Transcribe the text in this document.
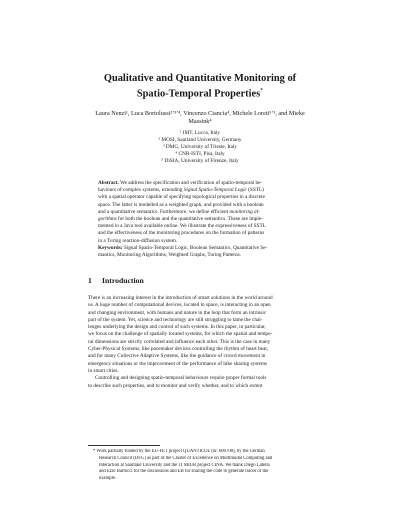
Qualitative and Quantitative Monitoring of
Spatio-Temporal Properties*
Laura Nenzi¹, Luca Bortolussi²ʼ³ʼ⁴, Vincenzo Ciancia⁴, Michele Loreti⁵ʼ¹, and Mieke
Massink⁴
¹ IMT, Lucca, Italy
² MOSI, Saarland University, Germany
³ DMG, University of Trieste, Italy
⁴ CNR-ISTI, Pisa, Italy
⁵ DiSIA, University of Firenze, Italy
Abstract. We address the specification and verification of spatio-temporal be-
haviours of complex systems, extending Signal Spatio-Temporal Logic (SSTL)
with a spatial operator capable of specifying topological properties in a discrete
space. The latter is modelled as a weighted graph, and provided with a boolean
and a quantitative semantics. Furthermore, we define efficient monitoring al-
gorithms for both the boolean and the quantitative semantics. These are imple-
mented in a Java tool available online. We illustrate the expressiveness of SSTL
and the effectiveness of the monitoring procedures on the formation of patterns
in a Turing reaction-diffusion system.
Keywords: Signal Spatio-Temporal Logic, Boolean Semantics, Quantitative Se-
mantics, Monitoring Algorithms, Weighted Graphs, Turing Patterns.
1 Introduction
There is an increasing interest in the introduction of smart solutions in the world around
us. A huge number of computational devices, located in space, is interacting in an open
and changing environment, with humans and nature in the loop that form an intrinsic
part of the system. Yet, science and technology are still struggling to tame the chal-
lenges underlying the design and control of such systems. In this paper, in particular,
we focus on the challenge of spatially located systems, for which the spatial and tempo-
ral dimensions are strictly correlated and influence each other. This is the case in many
Cyber-Physical Systems, like pacemaker devices controlling the rhythm of heart beat,
and for many Collective Adaptive Systems, like the guidance of crowd movement in
emergency situations or the improvement of the performance of bike sharing systems
in smart cities.
Controlling and designing spatio-temporal behaviours require proper formal tools
to describe such properties, and to monitor and verify whether, and to which extent
* Work partially funded by the EU-FET project QUANTICOL (nr. 600708), by the German
Research Council (DFG) as part of the Cluster of Excellence on Multimodal Computing and
Interaction at Saarland University and the IT MIUR project CINA. We thank Diego Latella
and Ezio Bartocci for the discussions and EB for sharing the code to generate traces of the
example.
